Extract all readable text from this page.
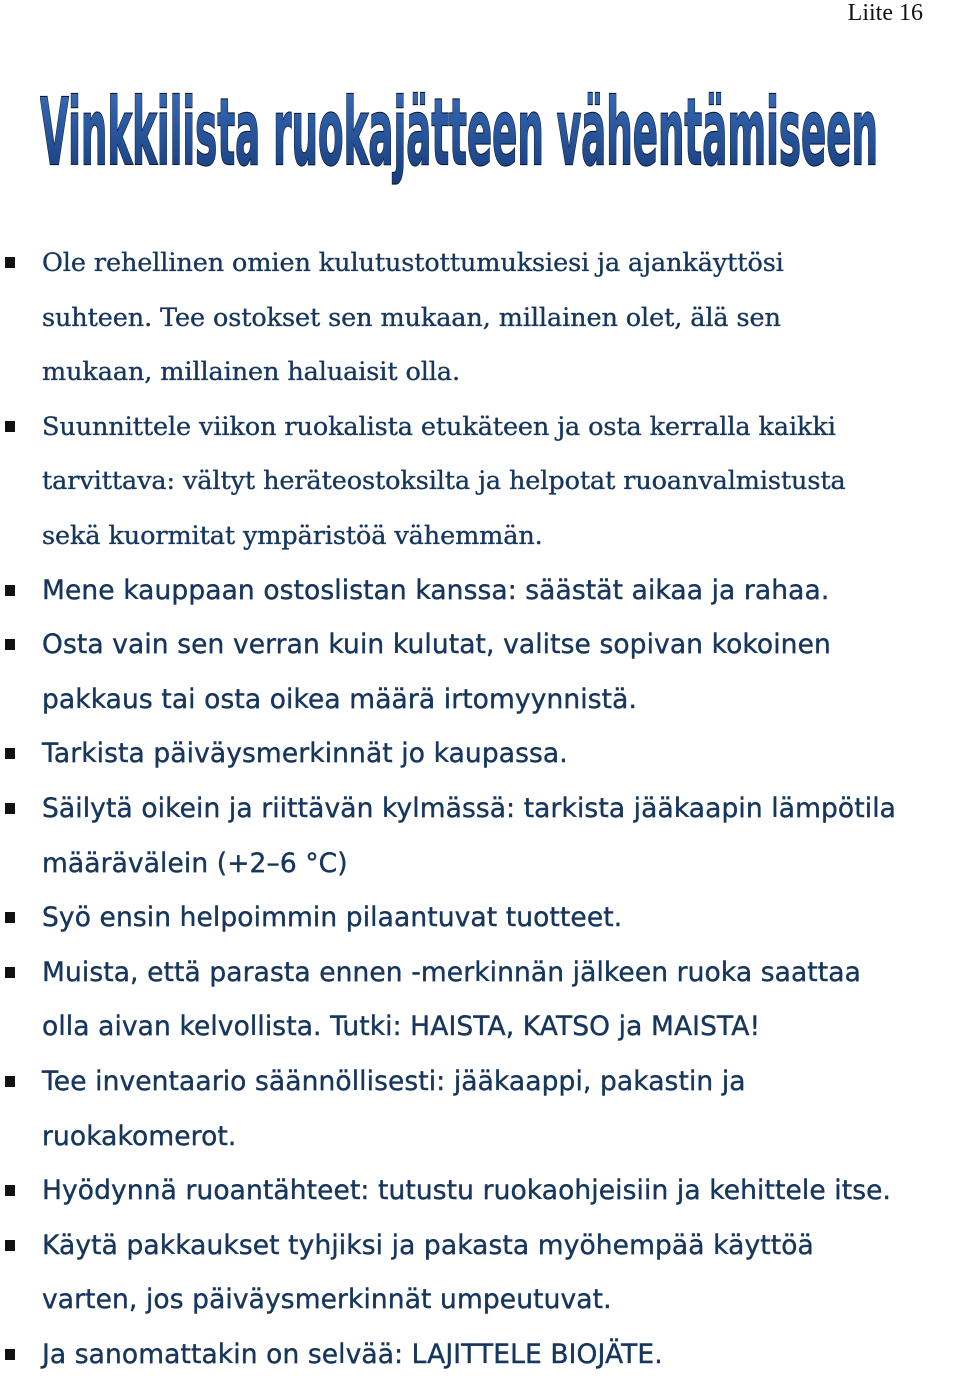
Liite 16
Vinkkilista ruokajätteen vähentämiseen
Ole rehellinen omien kulutustottumuksiesi ja ajankäyttösi
suhteen. Tee ostokset sen mukaan, millainen olet, älä sen
mukaan, millainen haluaisit olla.
Suunnittele viikon ruokalista etukäteen ja osta kerralla kaikki
tarvittava: vältyt heräteostoksilta ja helpotat ruoanvalmistusta
sekä kuormitat ympäristöä vähemmän.
Mene kauppaan ostoslistan kanssa: säästät aikaa ja rahaa.
Osta vain sen verran kuin kulutat, valitse sopivan kokoinen
pakkaus tai osta oikea määrä irtomyynnistä.
Tarkista päiväysmerkinnät jo kaupassa.
Säilytä oikein ja riittävän kylmässä: tarkista jääkaapin lämpötila
määrävälein (+2–6 °C)
Syö ensin helpoimmin pilaantuvat tuotteet.
Muista, että parasta ennen -merkinnän jälkeen ruoka saattaa
olla aivan kelvollista. Tutki: HAISTA, KATSO ja MAISTA!
Tee inventaario säännöllisesti: jääkaappi, pakastin ja
ruokakomerot.
Hyödynnä ruoantähteet: tutustu ruokaohjeisiin ja kehittele itse.
Käytä pakkaukset tyhjiksi ja pakasta myöhempää käyttöä
varten, jos päiväysmerkinnät umpeutuvat.
Ja sanomattakin on selvää: LAJITTELE BIOJÄTE.
